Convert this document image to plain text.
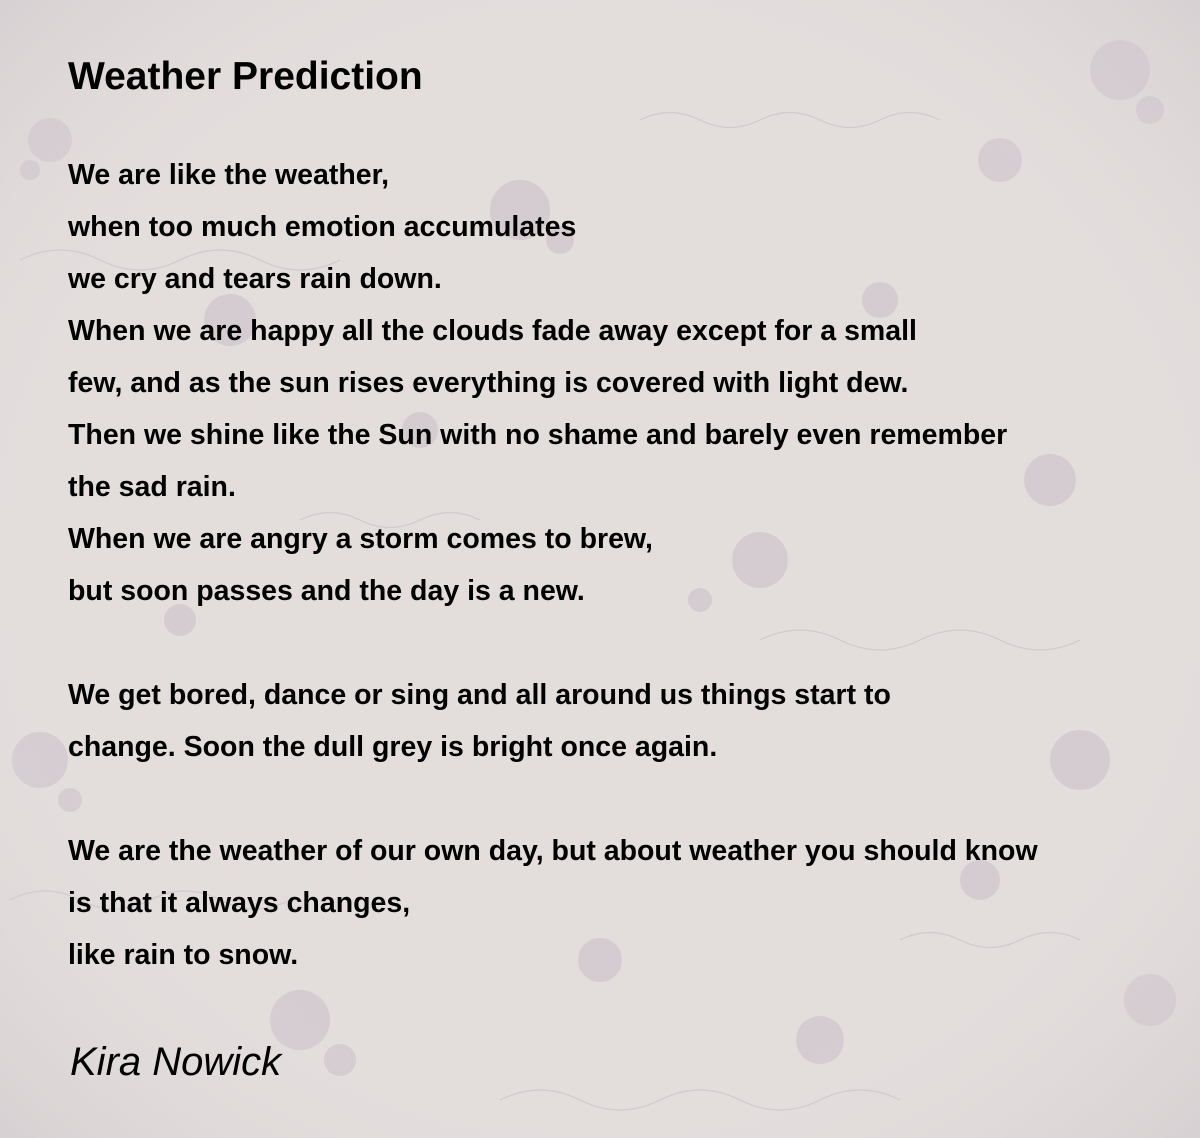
Weather Prediction
We are like the weather,
when too much emotion accumulates
we cry and tears rain down.
When we are happy all the clouds fade away except for a small
few, and as the sun rises everything is covered with light dew.
Then we shine like the Sun with no shame and barely even remember
the sad rain.
When we are angry a storm comes to brew,
but soon passes and the day is a new.
We get bored, dance or sing and all around us things start to
change. Soon the dull grey is bright once again.
We are the weather of our own day, but about weather you should know
is that it always changes,
like rain to snow.
Kira Nowick
